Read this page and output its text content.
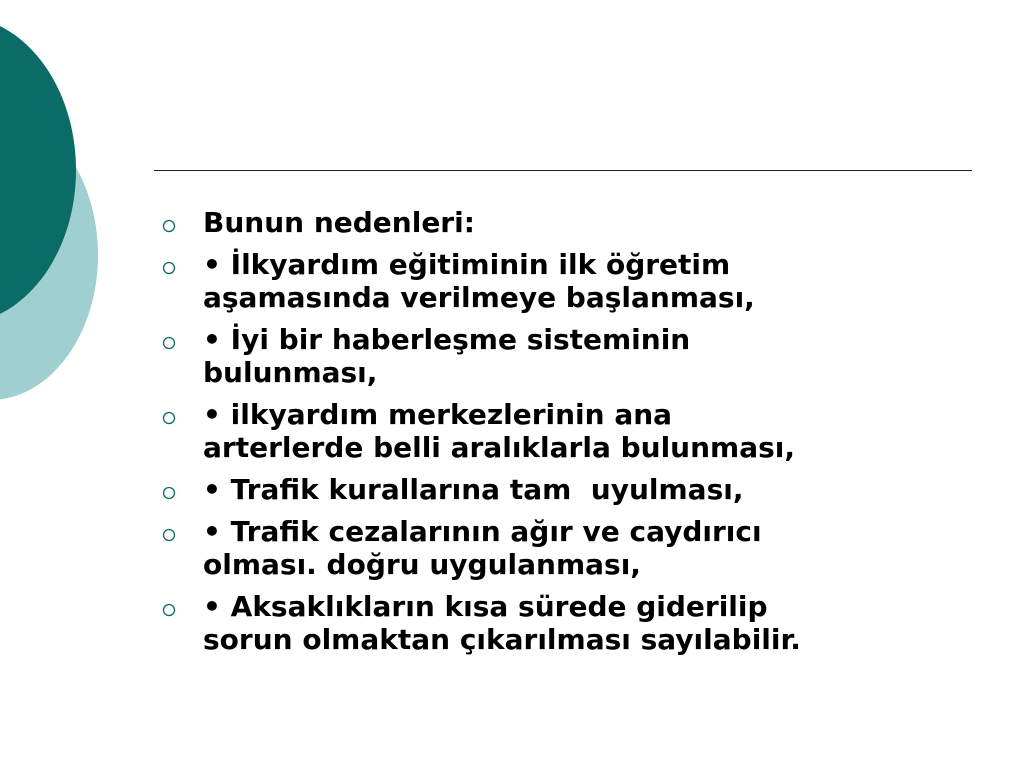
Bunun nedenleri:
• İlkyardım eğitiminin ilk öğretim
aşamasında verilmeye başlanması,
• İyi bir haberleşme sisteminin
bulunması,
• ilkyardım merkezlerinin ana
arterlerde belli aralıklarla bulunması,
• Trafik kurallarına tam  uyulması,
• Trafik cezalarının ağır ve caydırıcı
olması. doğru uygulanması,
• Aksaklıkların kısa sürede giderilip
sorun olmaktan çıkarılması sayılabilir.
